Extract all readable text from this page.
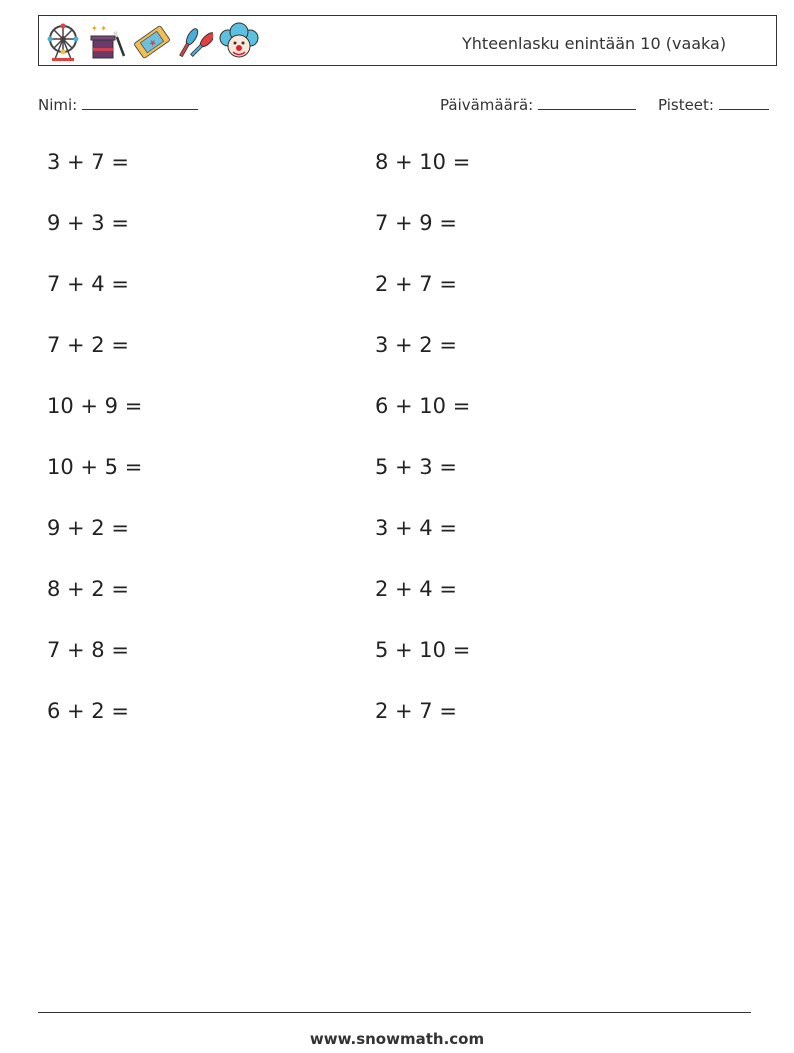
✦ ✦
★	Yhteenlasku enintään 10 (vaaka)
Nimi:	Päivämäärä:	Pisteet:
3 + 7 =
9 + 3 =
7 + 4 =
7 + 2 =
10 + 9 =
10 + 5 =
9 + 2 =
8 + 2 =
7 + 8 =
6 + 2 =
8 + 10 =
7 + 9 =
2 + 7 =
3 + 2 =
6 + 10 =
5 + 3 =
3 + 4 =
2 + 4 =
5 + 10 =
2 + 7 =
www.snowmath.com
